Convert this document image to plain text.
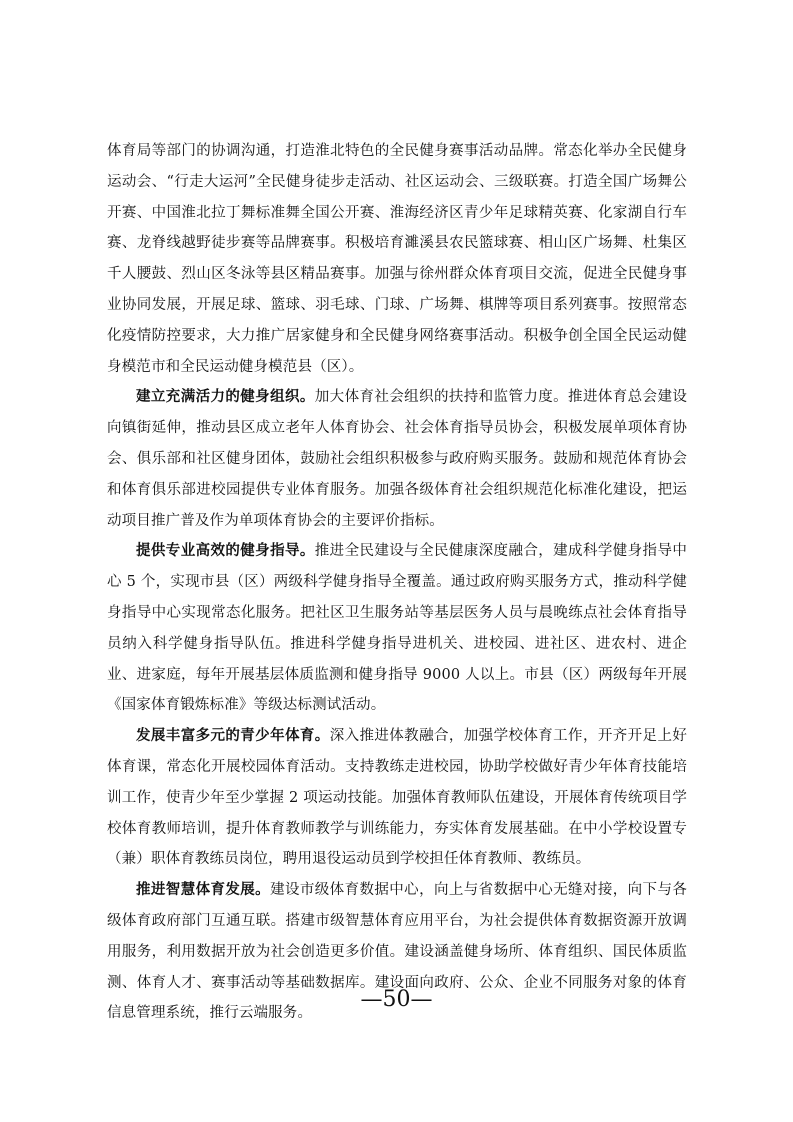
体育局等部门的协调沟通，打造淮北特色的全民健身赛事活动品牌。常态化举办全民健身运动会、“行走大运河”全民健身徒步走活动、社区运动会、三级联赛。打造全国广场舞公开赛、中国淮北拉丁舞标准舞全国公开赛、淮海经济区青少年足球精英赛、化家湖自行车赛、龙脊线越野徒步赛等品牌赛事。积极培育濉溪县农民篮球赛、相山区广场舞、杜集区千人腰鼓、烈山区冬泳等县区精品赛事。加强与徐州群众体育项目交流，促进全民健身事业协同发展，开展足球、篮球、羽毛球、门球、广场舞、棋牌等项目系列赛事。按照常态化疫情防控要求，大力推广居家健身和全民健身网络赛事活动。积极争创全国全民运动健身模范市和全民运动健身模范县（区）。

建立充满活力的健身组织。加大体育社会组织的扶持和监管力度。推进体育总会建设向镇街延伸，推动县区成立老年人体育协会、社会体育指导员协会，积极发展单项体育协会、俱乐部和社区健身团体，鼓励社会组织积极参与政府购买服务。鼓励和规范体育协会和体育俱乐部进校园提供专业体育服务。加强各级体育社会组织规范化标准化建设，把运动项目推广普及作为单项体育协会的主要评价指标。

提供专业高效的健身指导。推进全民建设与全民健康深度融合，建成科学健身指导中心 5 个，实现市县（区）两级科学健身指导全覆盖。通过政府购买服务方式，推动科学健身指导中心实现常态化服务。把社区卫生服务站等基层医务人员与晨晚练点社会体育指导员纳入科学健身指导队伍。推进科学健身指导进机关、进校园、进社区、进农村、进企业、进家庭，每年开展基层体质监测和健身指导 9000 人以上。市县（区）两级每年开展《国家体育锻炼标准》等级达标测试活动。

发展丰富多元的青少年体育。深入推进体教融合，加强学校体育工作，开齐开足上好体育课，常态化开展校园体育活动。支持教练走进校园，协助学校做好青少年体育技能培训工作，使青少年至少掌握 2 项运动技能。加强体育教师队伍建设，开展体育传统项目学校体育教师培训，提升体育教师教学与训练能力，夯实体育发展基础。在中小学校设置专（兼）职体育教练员岗位，聘用退役运动员到学校担任体育教师、教练员。

推进智慧体育发展。建设市级体育数据中心，向上与省数据中心无缝对接，向下与各级体育政府部门互通互联。搭建市级智慧体育应用平台，为社会提供体育数据资源开放调用服务，利用数据开放为社会创造更多价值。建设涵盖健身场所、体育组织、国民体质监测、体育人才、赛事活动等基础数据库。建设面向政府、公众、企业不同服务对象的体育信息管理系统，推行云端服务。

—50—
